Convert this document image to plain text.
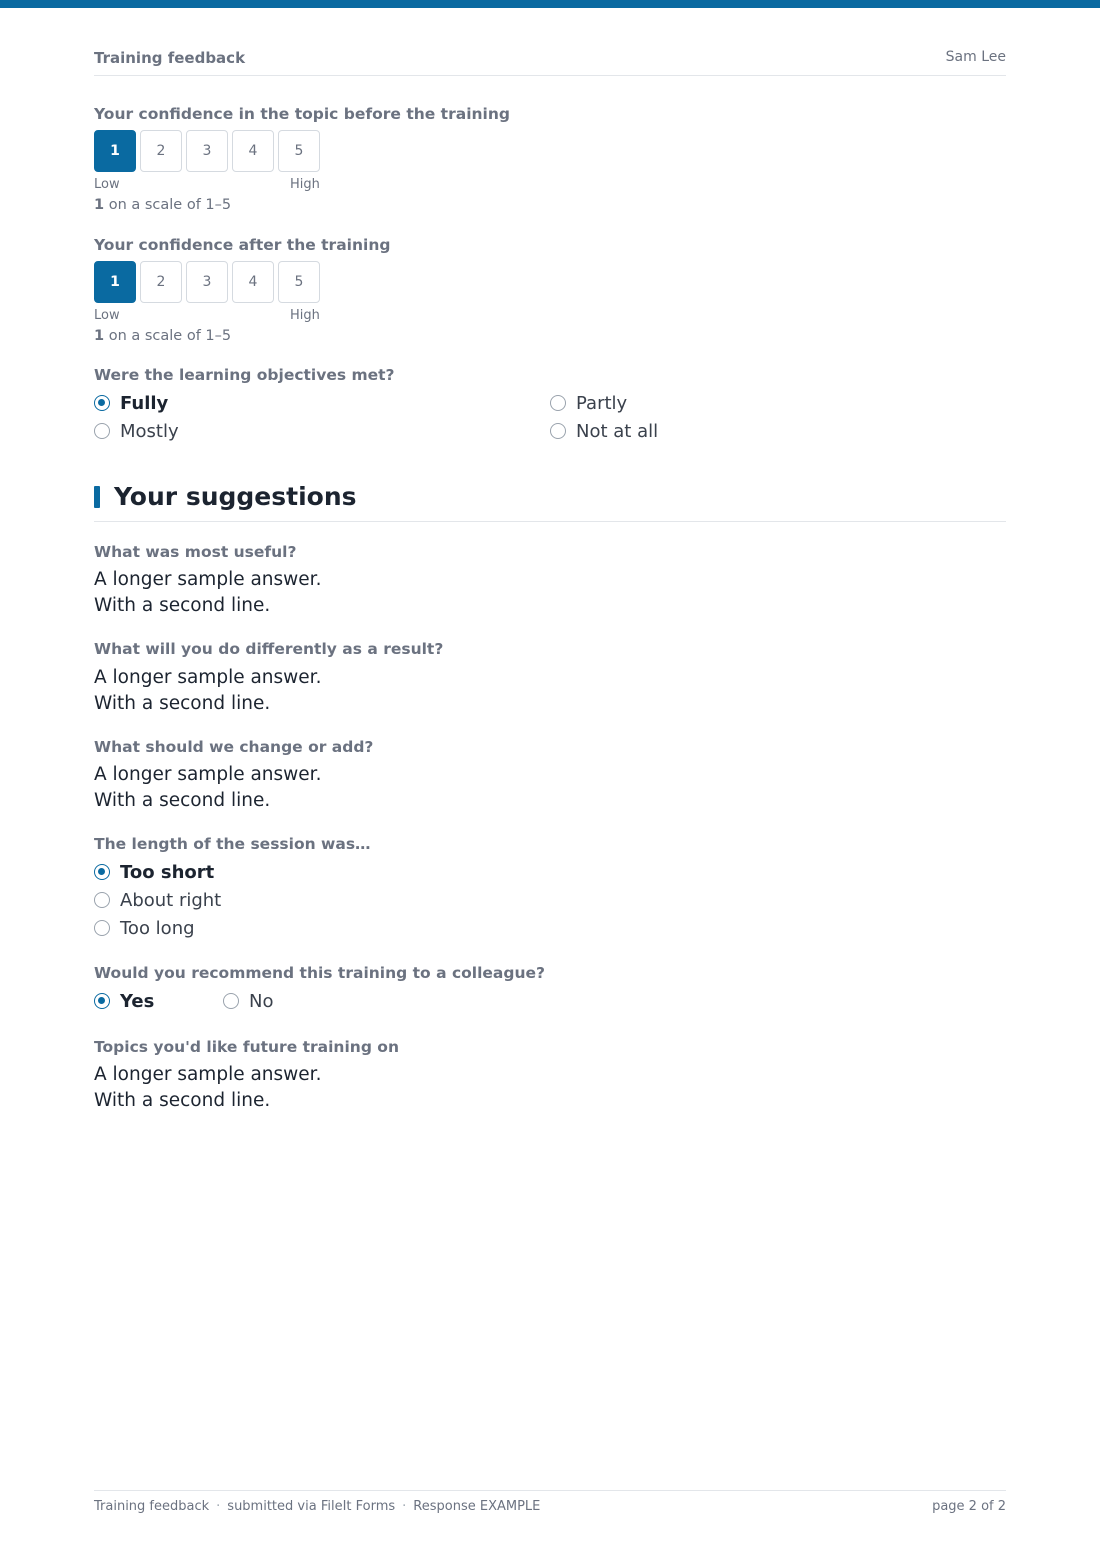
Training feedback	Sam Lee
Your confidence in the topic before the training
1	2	3	4	5
Low	High
1 on a scale of 1–5
Your confidence after the training
1	2	3	4	5
Low	High
1 on a scale of 1–5
Were the learning objectives met?
Fully
Mostly
Partly
Not at all
Your suggestions
What was most useful?
A longer sample answer.
With a second line.
What will you do differently as a result?
A longer sample answer.
With a second line.
What should we change or add?
A longer sample answer.
With a second line.
The length of the session was…
Too short
About right
Too long
Would you recommend this training to a colleague?
Yes	No
Topics you'd like future training on
A longer sample answer.
With a second line.
Training feedback · submitted via FileIt Forms · Response EXAMPLE	page 2 of 2
